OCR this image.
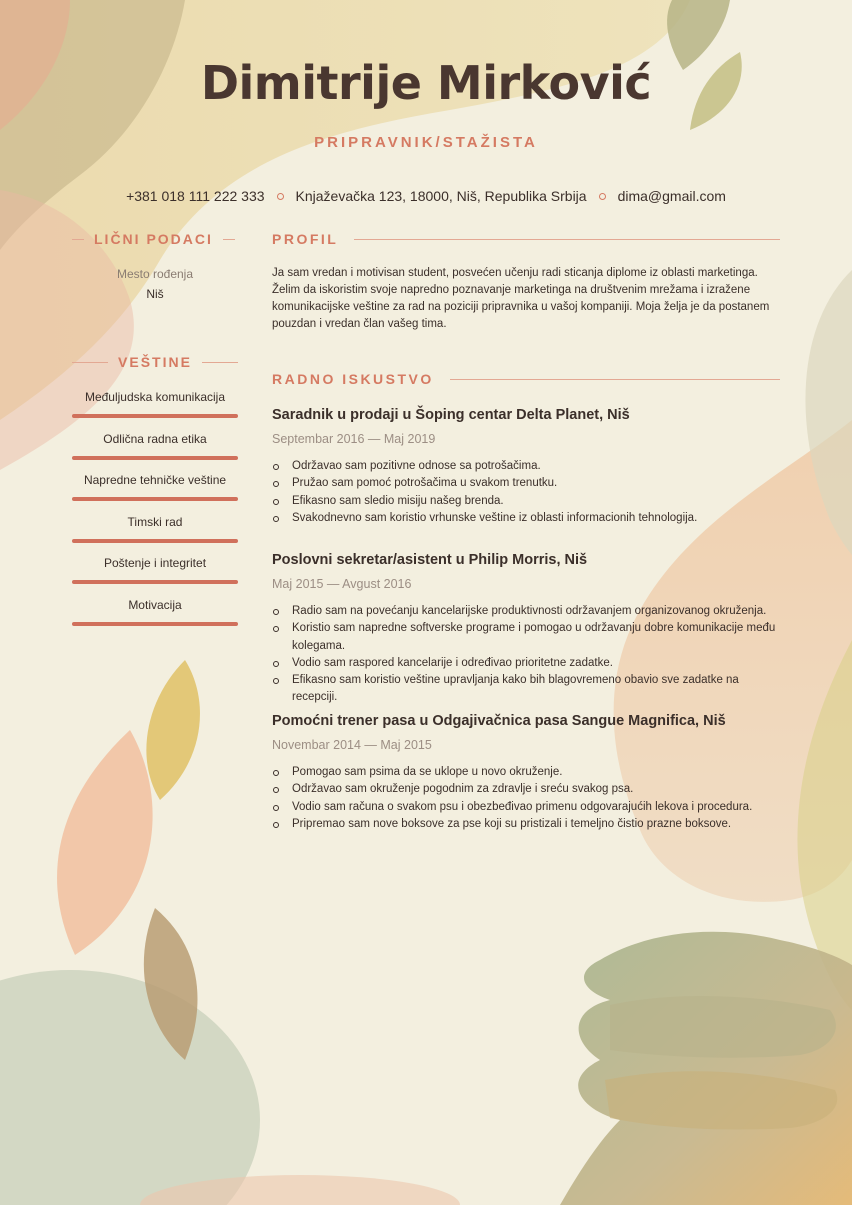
Dimitrije Mirković
PRIPRAVNIK/STAŽISTA
+381 018 111 222 333 Knjaževačka 123, 18000, Niš, Republika Srbija dima@gmail.com
LIČNI PODACI
Mesto rođenja
Niš
VEŠTINE
Međuljudska komunikacija
Odlična radna etika
Napredne tehničke veštine
Timski rad
Poštenje i integritet
Motivacija
PROFIL
Ja sam vredan i motivisan student, posvećen učenju radi sticanja diplome iz oblasti marketinga. Želim da iskoristim svoje napredno poznavanje marketinga na društvenim mrežama i izražene komunikacijske veštine za rad na poziciji pripravnika u vašoj kompaniji. Moja želja je da postanem pouzdan i vredan član vašeg tima.
RADNO ISKUSTVO
Saradnik u prodaji u Šoping centar Delta Planet, Niš
Septembar 2016 — Maj 2019
Održavao sam pozitivne odnose sa potrošačima.
Pružao sam pomoć potrošačima u svakom trenutku.
Efikasno sam sledio misiju našeg brenda.
Svakodnevno sam koristio vrhunske veštine iz oblasti informacionih tehnologija.
Poslovni sekretar/asistent u Philip Morris, Niš
Maj 2015 — Avgust 2016
Radio sam na povećanju kancelarijske produktivnosti održavanjem organizovanog okruženja.
Koristio sam napredne softverske programe i pomogao u održavanju dobre komunikacije među kolegama.
Vodio sam raspored kancelarije i određivao prioritetne zadatke.
Efikasno sam koristio veštine upravljanja kako bih blagovremeno obavio sve zadatke na recepciji.
Pomoćni trener pasa u Odgajivačnica pasa Sangue Magnifica, Niš
Novembar 2014 — Maj 2015
Pomogao sam psima da se uklope u novo okruženje.
Održavao sam okruženje pogodnim za zdravlje i sreću svakog psa.
Vodio sam računa o svakom psu i obezbeđivao primenu odgovarajućih lekova i procedura.
Pripremao sam nove boksove za pse koji su pristizali i temeljno čistio prazne boksove.
